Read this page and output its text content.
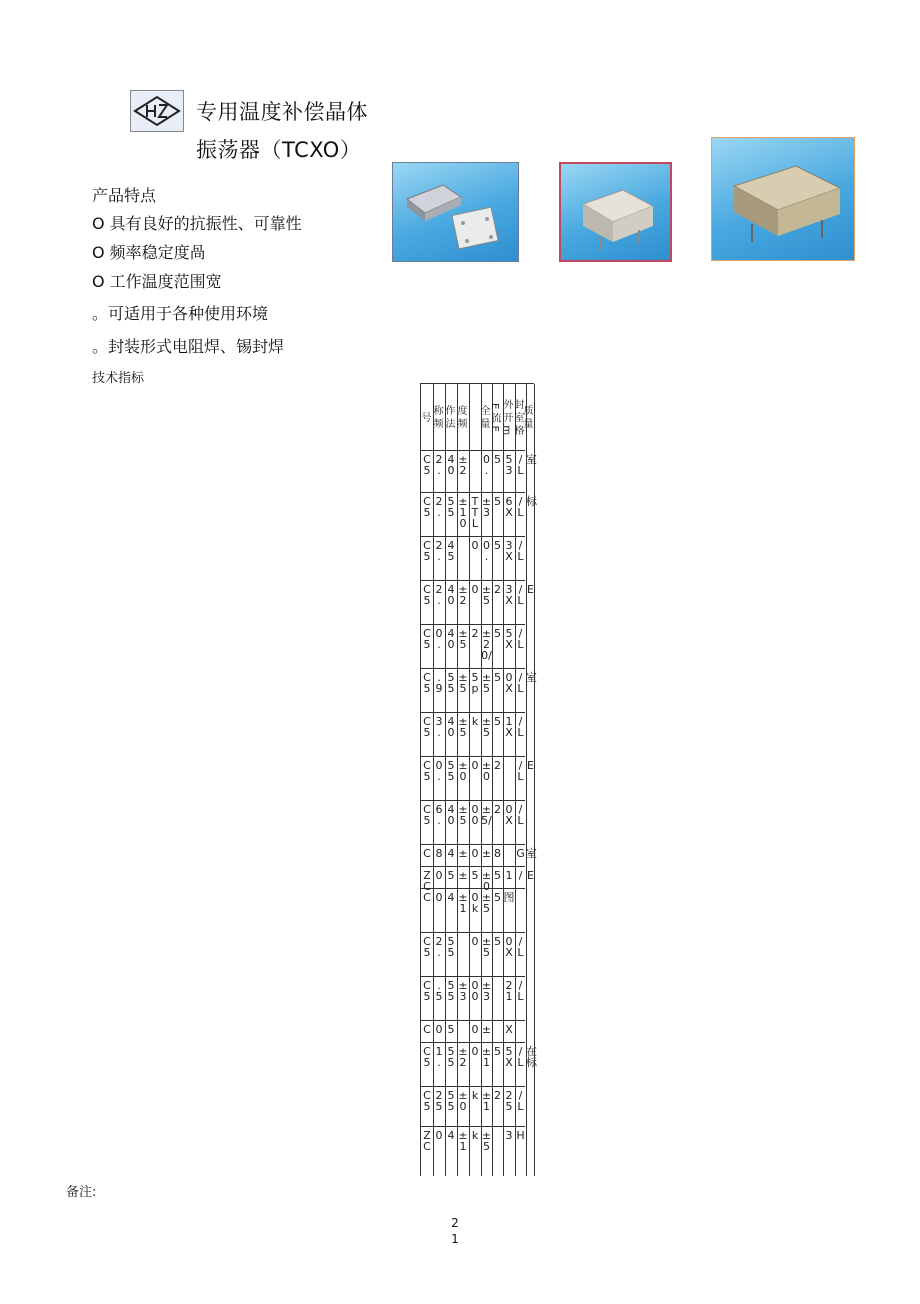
专用温度补偿晶体
振荡器（TCXO）
产品特点
O 具有良好的抗振性、可靠性
O 频率稳定度咼
O 工作温度范围宽
。可适用于各种使用环境
。封装形式电阻焊、锡封焊
技术指标
号 称 频 作 法 度 频	全 量 E 流 E 外 开 m 封 室 格
质 量
C
5
2
.
4
0
±
2
0
.
5 5
3
/
L
室
C
5
2
.
5
5
±
1
0
T
T
L
±
3
5 6
X
/
L
标
C
5
2
.
4
5
0 0
.
5 3
X
/
L
C
5
2
.
4
0
±
2
0 ±
5
2 3
X
/
L
E
C
5
0
.
4
0
±
5
2 ±
2
0/
5 5
X
/
L
C
5
.
9
5
5
±
5
5
p
±
5
5 0
X
/
L
室
C
5
3
.
4
0
±
5
k ±
5
5 1
X
/
L
C
5
0
.
5
5
±
0
0 ±
0
2	/
L
E
C
5
6
.
4
0
±
5
0
0
±
5/
2 0
X
/
L
C 8 4 ± 0 ± 8 G 室
Z
C
0 5 ± 5 ±
0
5 1 / E
C 0 4 ±
1
0
k
±
5
5 图
C
5
2
.
5
5
0 ±
5
5 0
X
/
L
C
5
.
5
5
5
±
3
0
0
±
3
2
1
/
L
C 0 5 0 ± X
C
5
1
.
5
5
±
2
0 ±
1
5 5
X
/
L
在
标
C
5
2
5
5
5
±
0
k ±
1
2 2
5
/
L
Z
C
0 4 ±
1
k ±
5
3 H
备注:
2
1
